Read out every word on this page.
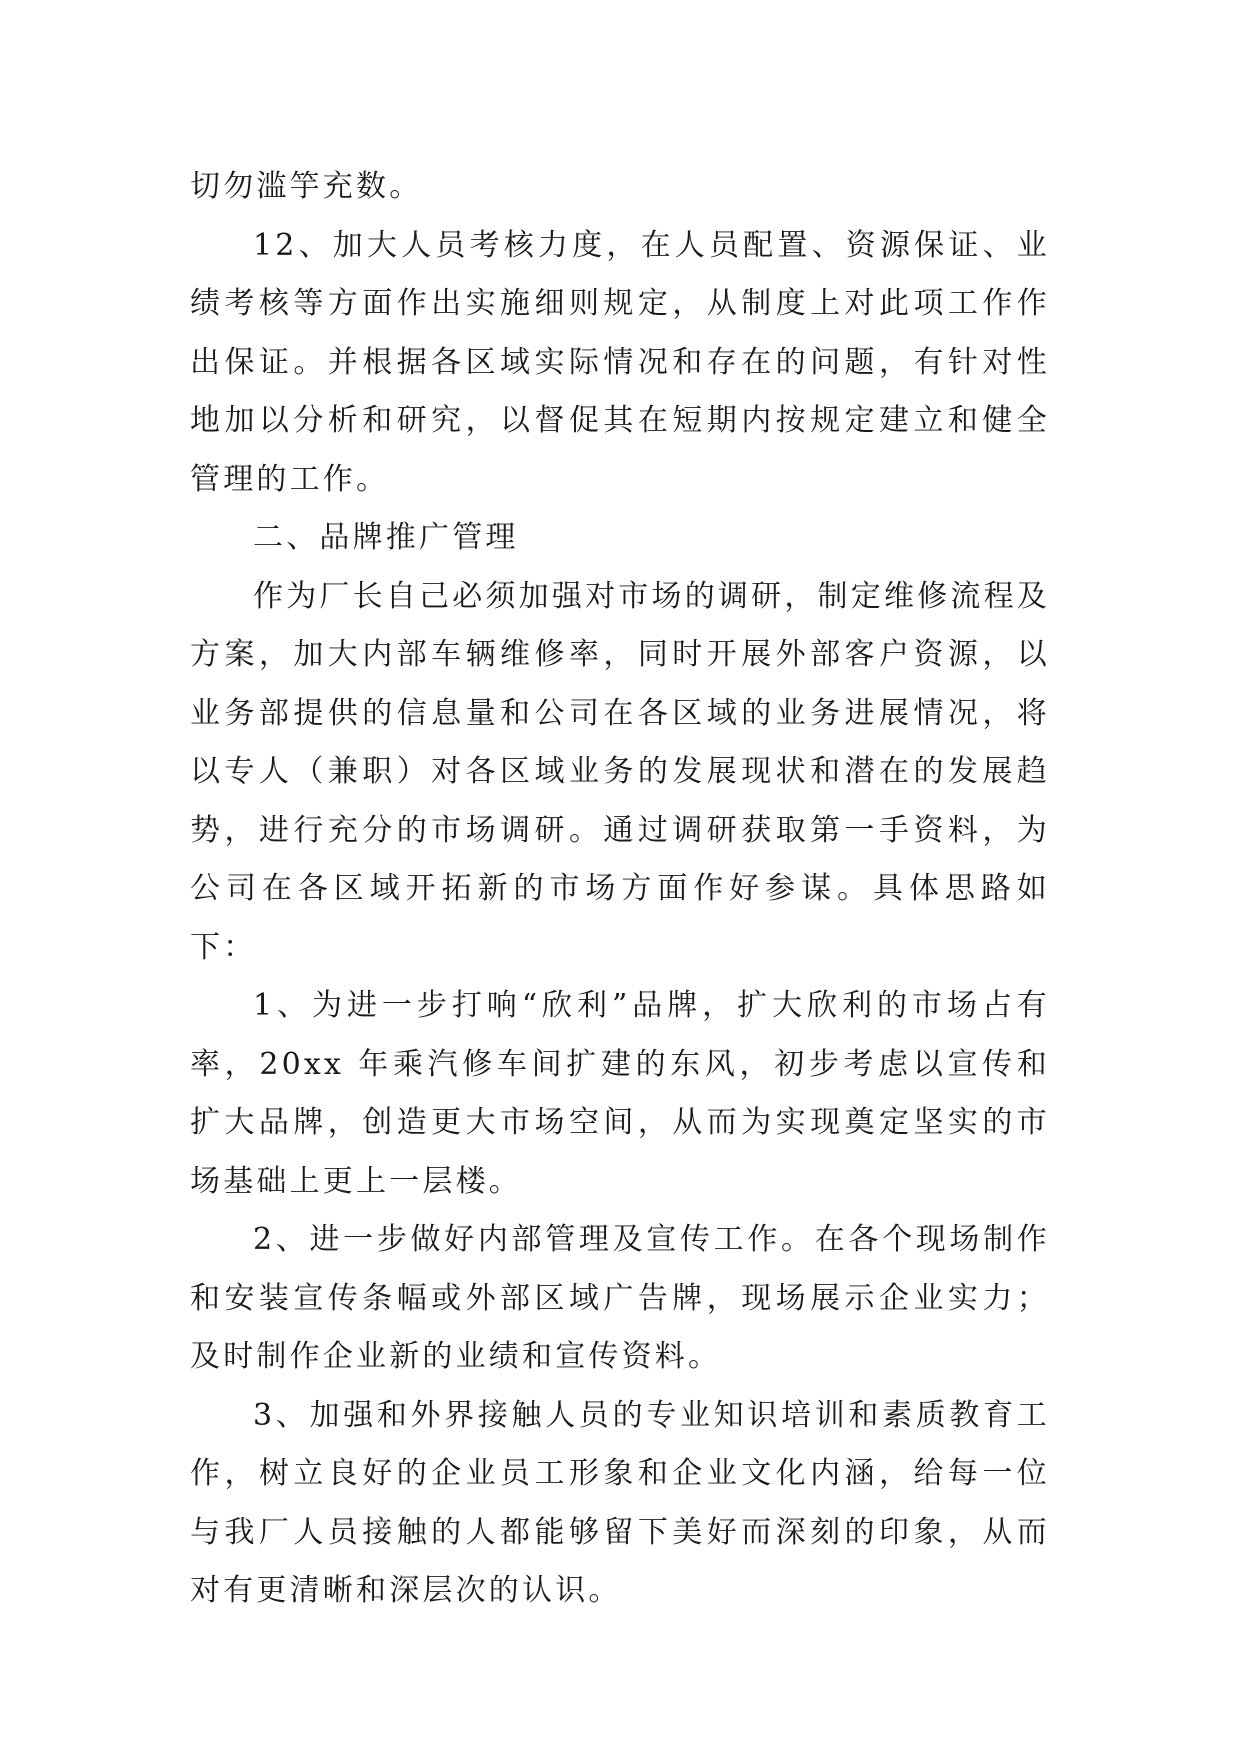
切勿滥竽充数。

12、加大人员考核力度，在人员配置、资源保证、业绩考核等方面作出实施细则规定，从制度上对此项工作作出保证。并根据各区域实际情况和存在的问题，有针对性地加以分析和研究，以督促其在短期内按规定建立和健全管理的工作。

二、品牌推广管理

作为厂长自己必须加强对市场的调研，制定维修流程及方案，加大内部车辆维修率，同时开展外部客户资源，以业务部提供的信息量和公司在各区域的业务进展情况，将以专人（兼职）对各区域业务的发展现状和潜在的发展趋势，进行充分的市场调研。通过调研获取第一手资料，为公司在各区域开拓新的市场方面作好参谋。具体思路如下：

1、为进一步打响“欣利”品牌，扩大欣利的市场占有率，20xx 年乘汽修车间扩建的东风，初步考虑以宣传和扩大品牌，创造更大市场空间，从而为实现奠定坚实的市场基础上更上一层楼。

2、进一步做好内部管理及宣传工作。在各个现场制作和安装宣传条幅或外部区域广告牌，现场展示企业实力；及时制作企业新的业绩和宣传资料。

3、加强和外界接触人员的专业知识培训和素质教育工作，树立良好的企业员工形象和企业文化内涵，给每一位与我厂人员接触的人都能够留下美好而深刻的印象，从而对有更清晰和深层次的认识。
